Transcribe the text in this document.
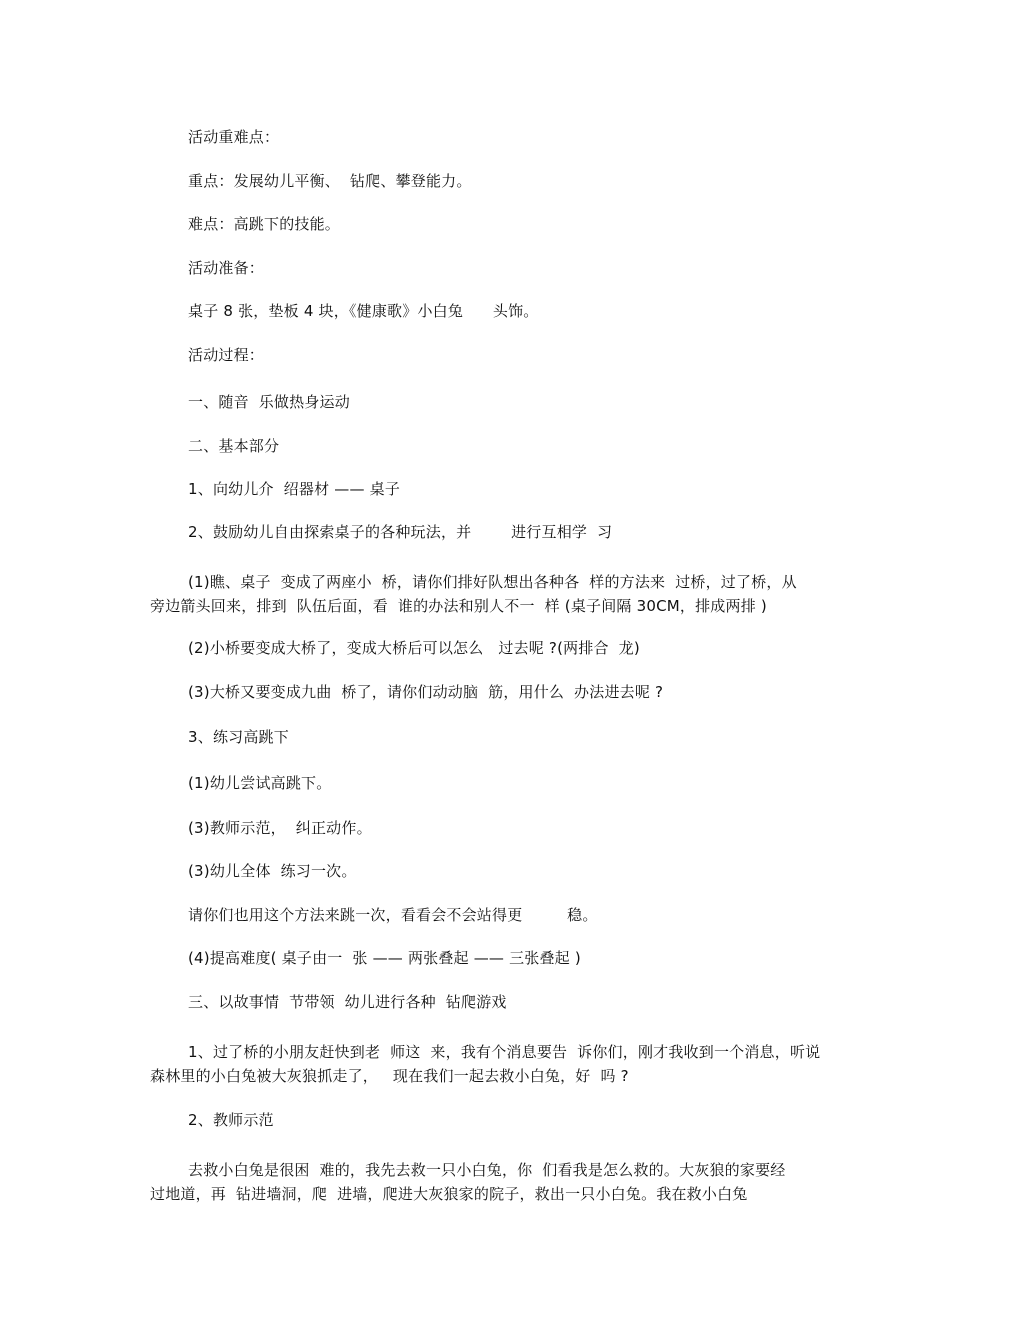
活动重难点：

重点：发展幼儿平衡、  钻爬、攀登能力。

难点：高跳下的技能。

活动准备：

桌子 8 张，垫板 4 块，《健康歌》小白兔      头饰。

活动过程：

一、随音  乐做热身运动

二、基本部分

1、向幼儿介  绍器材 —— 桌子

2、鼓励幼儿自由探索桌子的各种玩法，并        进行互相学  习

(1)瞧、桌子  变成了两座小  桥，请你们排好队想出各种各  样的方法来  过桥，过了桥，从

旁边箭头回来，排到  队伍后面，看  谁的办法和别人不一  样 (桌子间隔 30CM，排成两排 )

(2)小桥要变成大桥了，变成大桥后可以怎么   过去呢 ?(两排合  龙)

(3)大桥又要变成九曲  桥了，请你们动动脑  筋，用什么  办法进去呢 ?

3、练习高跳下

(1)幼儿尝试高跳下。

(3)教师示范，  纠正动作。

(3)幼儿全体  练习一次。

请你们也用这个方法来跳一次，看看会不会站得更         稳。

(4)提高难度( 桌子由一  张 —— 两张叠起 —— 三张叠起 )

三、以故事情  节带领  幼儿进行各种  钻爬游戏

1、过了桥的小朋友赶快到老  师这  来，我有个消息要告  诉你们，刚才我收到一个消息，听说

森林里的小白兔被大灰狼抓走了，   现在我们一起去救小白兔，好  吗 ?

2、教师示范

去救小白兔是很困  难的，我先去救一只小白兔，你  们看我是怎么救的。大灰狼的家要经

过地道，再  钻进墙洞，爬  进墙，爬进大灰狼家的院子，救出一只小白兔。我在救小白兔
